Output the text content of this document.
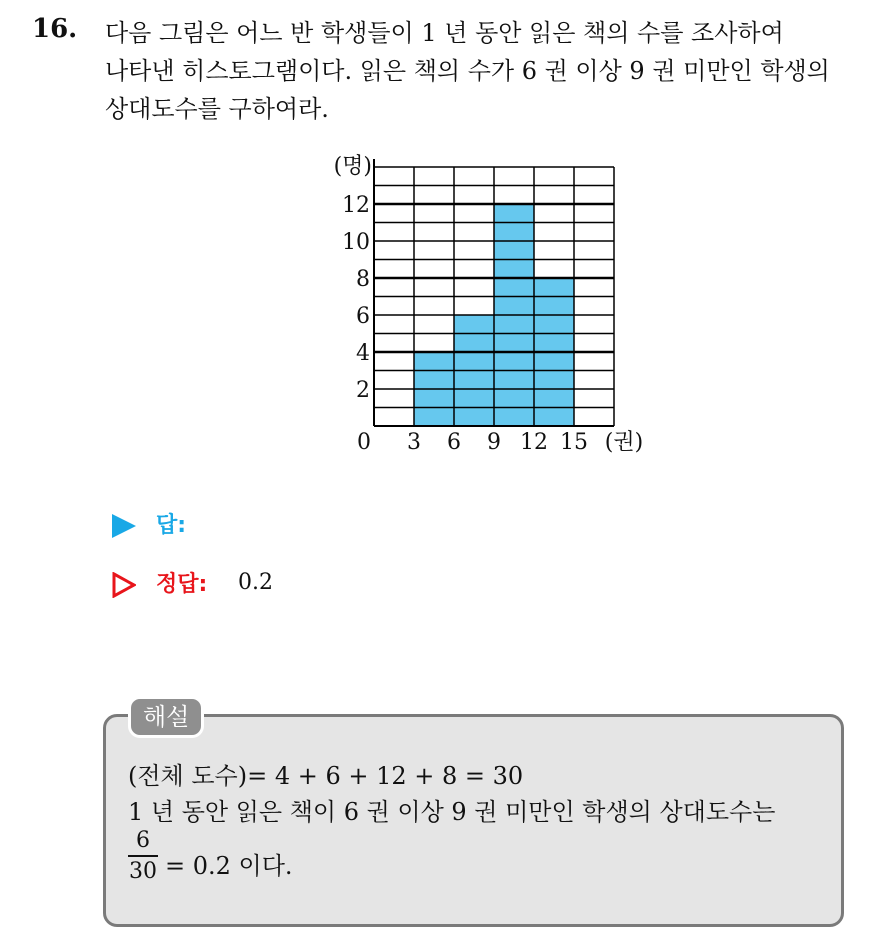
16. 다음 그림은 어느 반 학생들이 1 년 동안 읽은 책의 수를 조사하여
나타낸 히스토그램이다. 읽은 책의 수가 6 권 이상 9 권 미만인 학생의
상대도수를 구하여라.
2
4
6
8
10
12
0 3 6 9 12 15
(명)
(권)
답:
정답: 0.2
해설
(전체 도수)= 4 + 6 + 12 + 8 = 30
1 년 동안 읽은 책이 6 권 이상 9 권 미만인 학생의 상대도수는
6
30 = 0.2 이다.
